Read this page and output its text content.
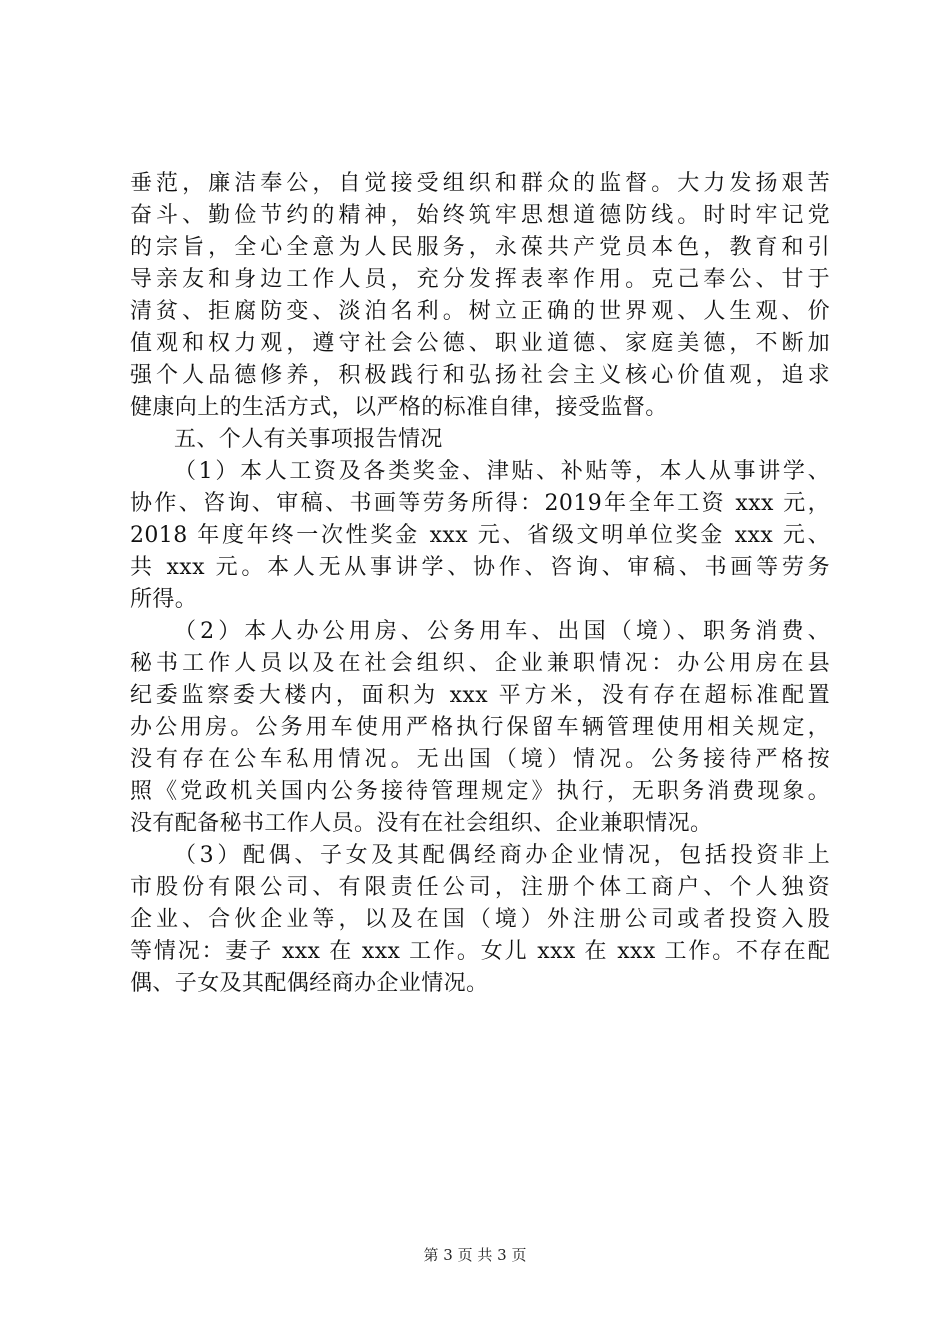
垂范，廉洁奉公，自觉接受组织和群众的监督。大力发扬艰苦
奋斗、勤俭节约的精神，始终筑牢思想道德防线。时时牢记党
的宗旨，全心全意为人民服务，永葆共产党员本色，教育和引
导亲友和身边工作人员，充分发挥表率作用。克己奉公、甘于
清贫、拒腐防变、淡泊名利。树立正确的世界观、人生观、价
值观和权力观，遵守社会公德、职业道德、家庭美德，不断加
强个人品德修养，积极践行和弘扬社会主义核心价值观，追求
健康向上的生活方式，以严格的标准自律，接受监督。
五、个人有关事项报告情况
（1）本人工资及各类奖金、津贴、补贴等，本人从事讲学、
协作、咨询、审稿、书画等劳务所得：2019年全年工资 xxx 元，
2018 年度年终一次性奖金 xxx 元、省级文明单位奖金 xxx 元、
共 xxx 元。本人无从事讲学、协作、咨询、审稿、书画等劳务
所得。
（2）本人办公用房、公务用车、出国（境）、职务消费、
秘书工作人员以及在社会组织、企业兼职情况：办公用房在县
纪委监察委大楼内，面积为 xxx 平方米，没有存在超标准配置
办公用房。公务用车使用严格执行保留车辆管理使用相关规定，
没有存在公车私用情况。无出国（境）情况。公务接待严格按
照《党政机关国内公务接待管理规定》执行，无职务消费现象。
没有配备秘书工作人员。没有在社会组织、企业兼职情况。
（3）配偶、子女及其配偶经商办企业情况，包括投资非上
市股份有限公司、有限责任公司，注册个体工商户、个人独资
企业、合伙企业等，以及在国（境）外注册公司或者投资入股
等情况：妻子 xxx 在 xxx 工作。女儿 xxx 在 xxx 工作。不存在配
偶、子女及其配偶经商办企业情况。
第 3 页 共 3 页
